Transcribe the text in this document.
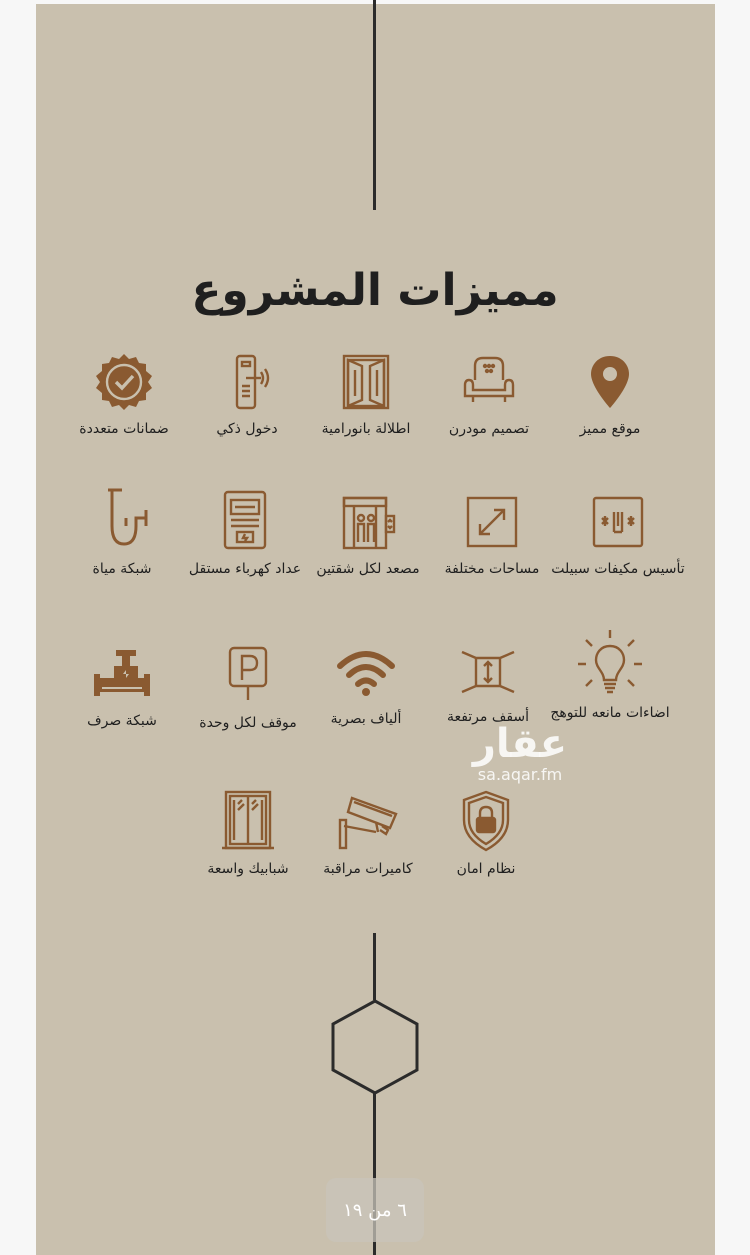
مميزات المشروع
موقع مميز
تصميم مودرن
اطلالة بانورامية
دخول ذكي
ضمانات متعددة
تأسيس مكيفات سبيلت
مساحات مختلفة
مصعد لكل شقتين
عداد كهرباء مستقل
شبكة مياة
اضاءات مانعه للتوهج
أسقف مرتفعة
ألياف بصرية
موقف لكل وحدة
شبكة صرف
نظام امان
كاميرات مراقبة
شبابيك واسعة
عقار
sa.aqar.fm
٦ من ١٩
